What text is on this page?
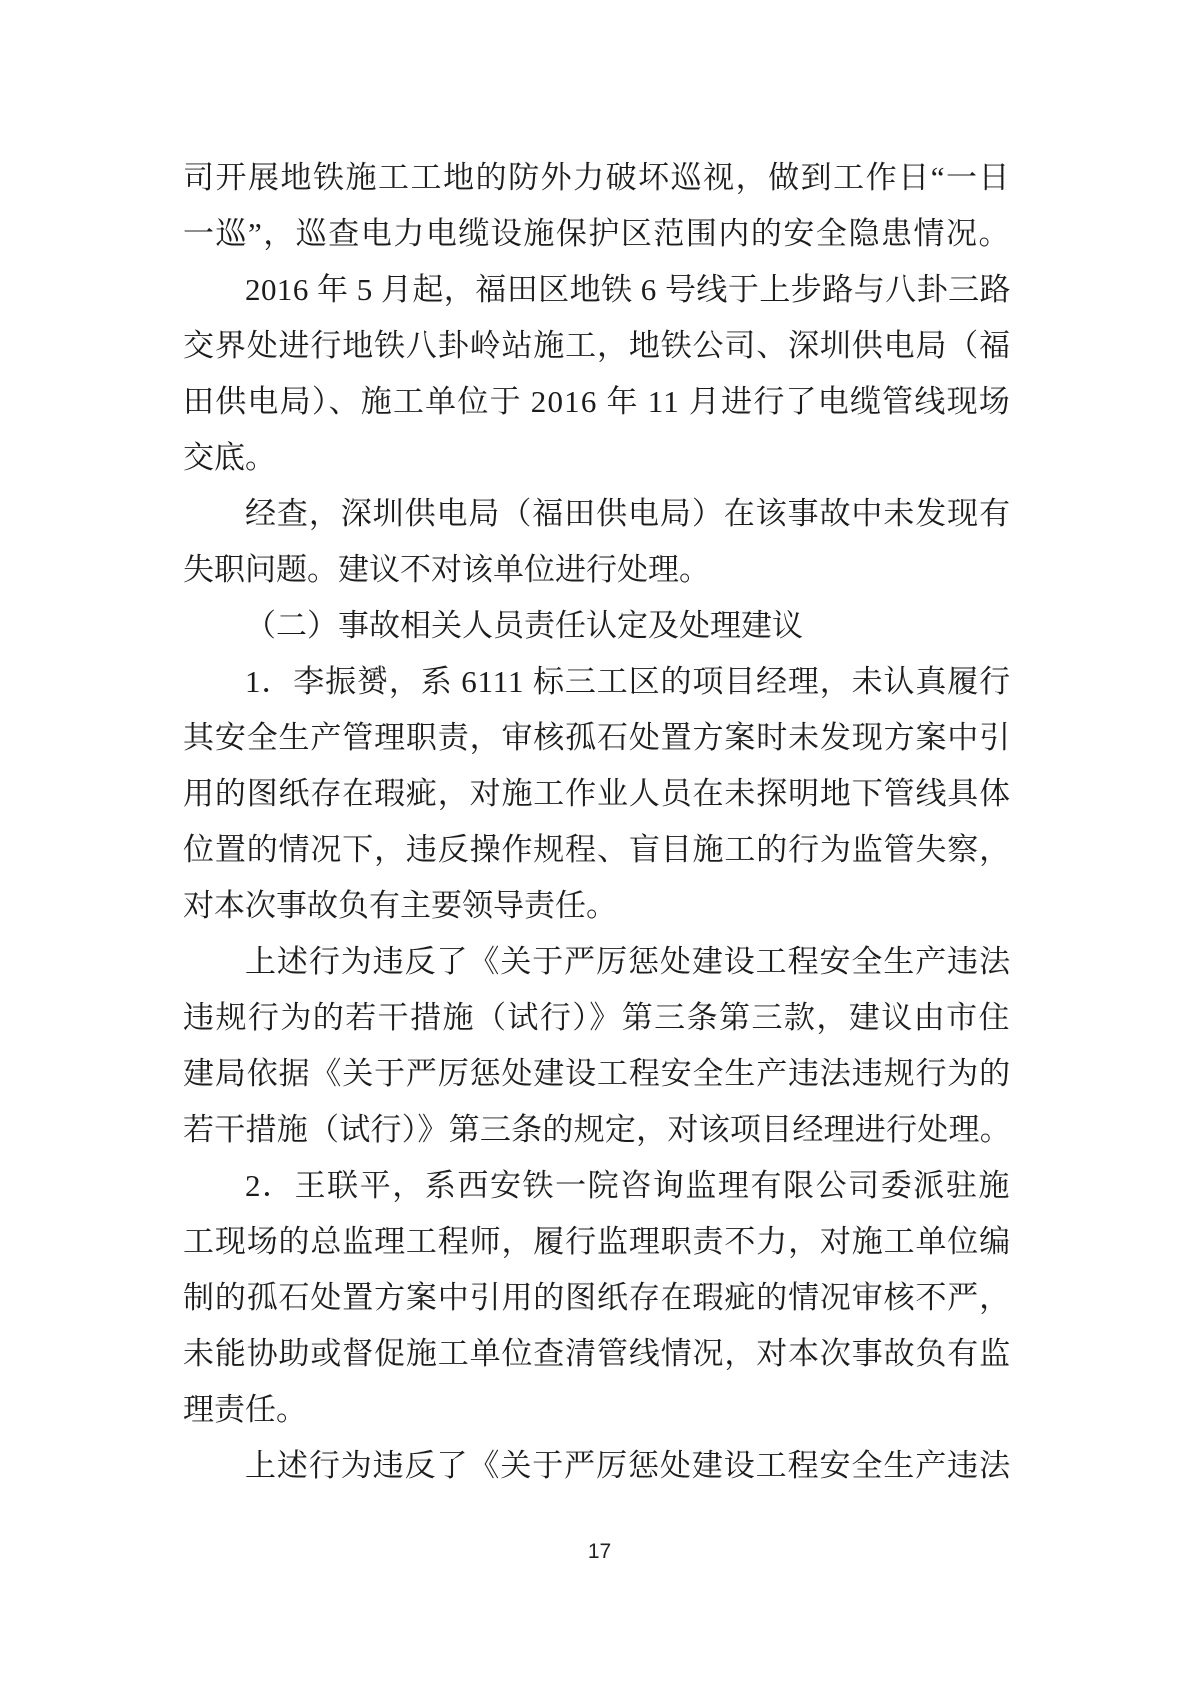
司开展地铁施工工地的防外力破坏巡视，做到工作日“一日
一巡”，巡查电力电缆设施保护区范围内的安全隐患情况。
2016 年 5 月起，福田区地铁 6 号线于上步路与八卦三路
交界处进行地铁八卦岭站施工，地铁公司、深圳供电局（福
田供电局）、施工单位于 2016 年 11 月进行了电缆管线现场
交底。
经查，深圳供电局（福田供电局）在该事故中未发现有
失职问题。建议不对该单位进行处理。
（二）事故相关人员责任认定及处理建议
1．李振赟，系 6111 标三工区的项目经理，未认真履行
其安全生产管理职责，审核孤石处置方案时未发现方案中引
用的图纸存在瑕疵，对施工作业人员在未探明地下管线具体
位置的情况下，违反操作规程、盲目施工的行为监管失察，
对本次事故负有主要领导责任。
上述行为违反了《关于严厉惩处建设工程安全生产违法
违规行为的若干措施（试行）》第三条第三款，建议由市住
建局依据《关于严厉惩处建设工程安全生产违法违规行为的
若干措施（试行）》第三条的规定，对该项目经理进行处理。
2．王联平，系西安铁一院咨询监理有限公司委派驻施
工现场的总监理工程师，履行监理职责不力，对施工单位编
制的孤石处置方案中引用的图纸存在瑕疵的情况审核不严，
未能协助或督促施工单位查清管线情况，对本次事故负有监
理责任。
上述行为违反了《关于严厉惩处建设工程安全生产违法
17
